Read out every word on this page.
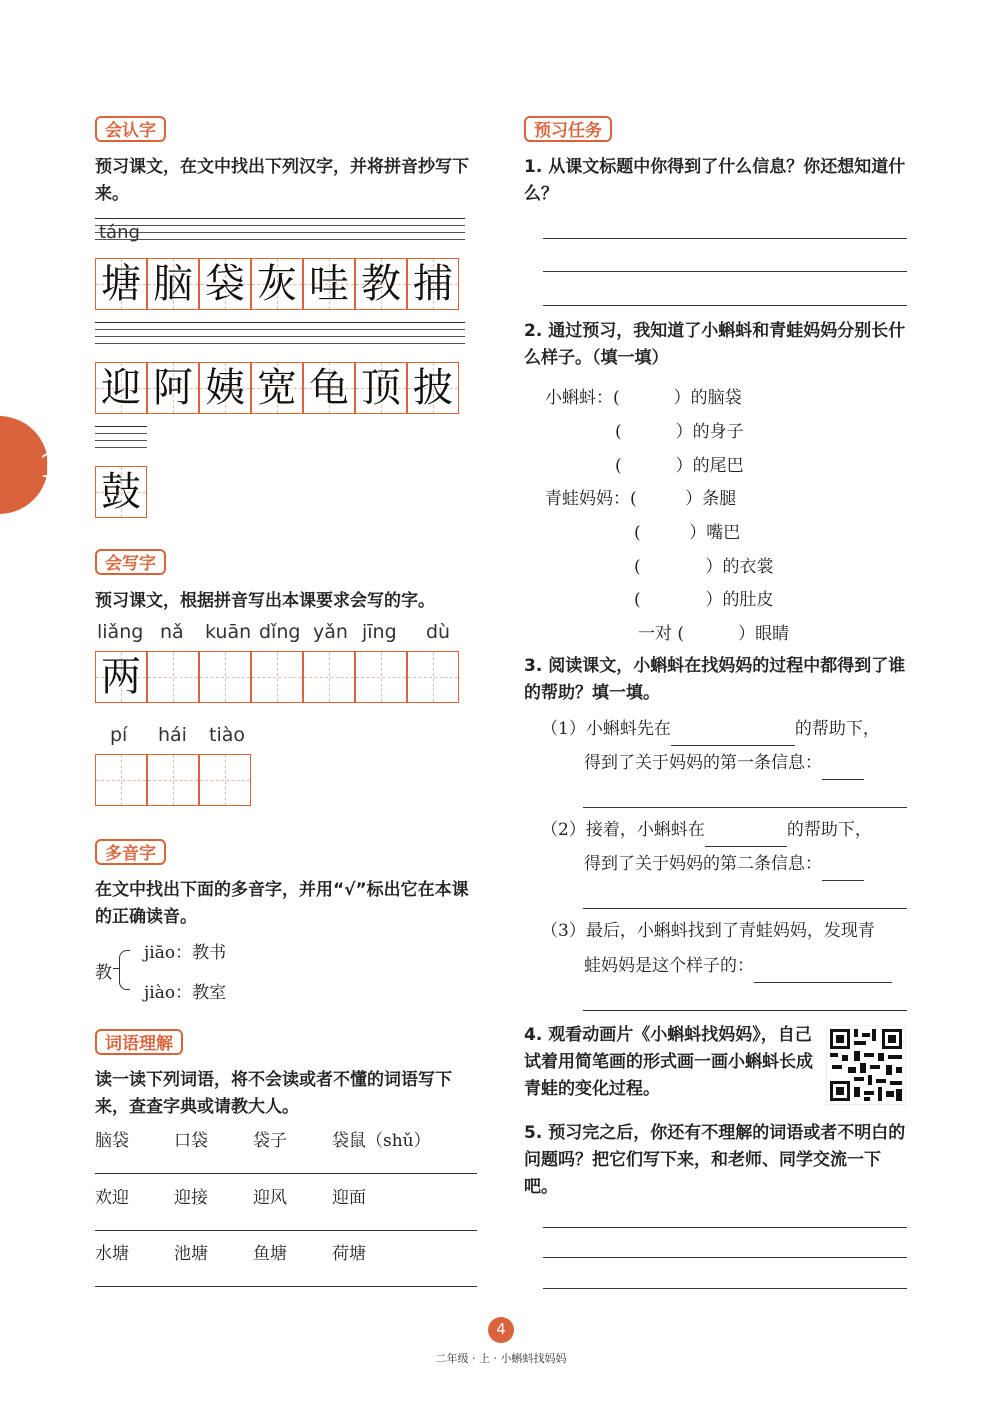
1
会认字
预习课文，在文中找出下列汉字，并将拼音抄写下来。
táng
塘 脑 袋 灰 哇 教 捕
迎 阿 姨 宽 龟 顶 披
鼓
会写字
预习课文，根据拼音写出本课要求会写的字。
liǎng nǎ kuān dǐng yǎn jīng dù
两
pí hái tiào
多音字
在文中找出下面的多音字，并用“√”标出它在本课的正确读音。
教
jiāo：教书
jiào：教室
词语理解
读一读下列词语，将不会读或者不懂的词语写下来，查查字典或请教大人。
脑袋	口袋	袋子	袋鼠（shǔ）
欢迎	迎接	迎风	迎面
水塘	池塘	鱼塘	荷塘
预习任务
1. 从课文标题中你得到了什么信息？你还想知道什么？
2. 通过预习，我知道了小蝌蚪和青蛙妈妈分别长什么样子。（填一填）
小蝌蚪：(          ）的脑袋
(          ）的身子
(          ）的尾巴
青蛙妈妈：(         ）条腿
(         ）嘴巴
(            ）的衣裳
(            ）的肚皮
一对 (          ）眼睛
3. 阅读课文，小蝌蚪在找妈妈的过程中都得到了谁的帮助？填一填。
（1）小蝌蚪先在	的帮助下，
得到了关于妈妈的第一条信息：
（2）接着，小蝌蚪在	的帮助下，
得到了关于妈妈的第二条信息：
（3）最后，小蝌蚪找到了青蛙妈妈，发现青
蛙妈妈是这个样子的：
4. 观看动画片《小蝌蚪找妈妈》，自己试着用简笔画的形式画一画小蝌蚪长成青蛙的变化过程。
5. 预习完之后，你还有不理解的词语或者不明白的问题吗？把它们写下来，和老师、同学交流一下吧。
4
二年级 · 上 · 小蝌蚪找妈妈
